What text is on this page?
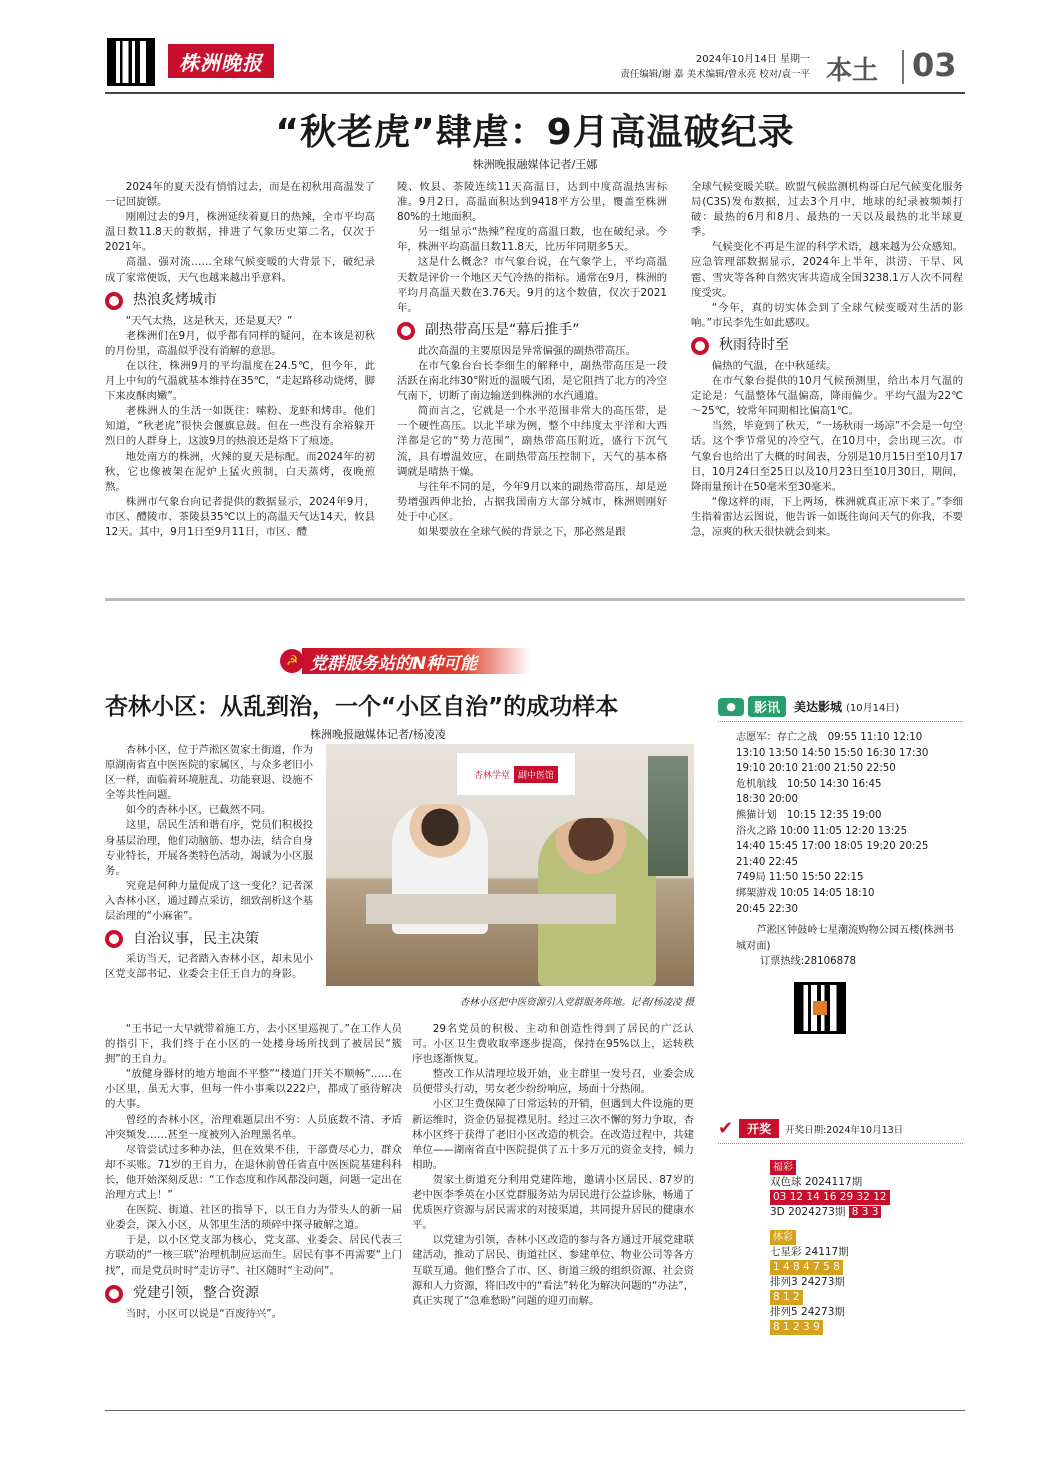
株洲晚报	2024年10月14日 星期一
责任编辑/谢 嘉 美术编辑/曾永亮 校对/袁一平 本土 03
“秋老虎”肆虐：9月高温破纪录
株洲晚报融媒体记者/王娜

2024年的夏天没有悄悄过去，而是在初秋用高温发了一记回旋镖。

刚刚过去的9月，株洲延续着夏日的热辣，全市平均高温日数11.8天的数据，排进了气象历史第二名，仅次于2021年。

高温、强对流……全球气候变暖的大背景下，破纪录成了家常便饭，天气也越来越出乎意料。

热浪炙烤城市

“天气太热，这是秋天，还是夏天？”

老株洲们在9月，似乎都有同样的疑问，在本该是初秋的月份里，高温似乎没有消解的意思。

在以往，株洲9月的平均温度在24.5℃，但今年，此月上中旬的气温就基本维持在35℃，“走起路移动烧烤，脚下来皮酥肉嫩”。

老株洲人的生活一如既往：嗦粉、龙虾和烤串。他们知道，“秋老虎”很快会偃旗息鼓。但在一些没有余裕躲开烈日的人群身上，这波9月的热浪还是烙下了痕迹。

地处南方的株洲，火辣的夏天是标配。而2024年的初秋，它也像被架在泥炉上猛火煎制，白天蒸烤，夜晚煎熬。

株洲市气象台向记者提供的数据显示，2024年9月，市区、醴陵市、茶陵县35℃以上的高温天气达14天，攸县12天。其中，9月1日至9月11日，市区、醴

陵、攸县、茶陵连续11天高温日，达到中度高温热害标准。9月2日，高温面积达到9418平方公里，覆盖至株洲80%的土地面积。

另一组显示“热辣”程度的高温日数，也在破纪录。今年，株洲平均高温日数11.8天，比历年同期多5天。

这是什么概念？市气象台说，在气象学上，平均高温天数是评价一个地区天气冷热的指标。通常在9月，株洲的平均月高温天数在3.76天。9月的这个数值，仅次于2021年。

副热带高压是“幕后推手”

此次高温的主要原因是异常偏强的副热带高压。

在市气象台台长李细生的解释中，副热带高压是一段活跃在南北纬30°附近的温暖气团，是它阻挡了北方的冷空气南下，切断了南边输送到株洲的水汽通道。

简而言之，它就是一个水平范围非常大的高压带，是一个硬性高压。以北半球为例，整个中纬度太平洋和大西洋都是它的“势力范围”，副热带高压附近，盛行下沉气流，具有增温效应，在副热带高压控制下，天气的基本格调就是晴热干燥。

与往年不同的是，今年9月以来的副热带高压，却是逆势增强西伸北抬，占据我国南方大部分城市，株洲则刚好处于中心区。

如果要放在全球气候的背景之下，那必然是跟

全球气候变暖关联。欧盟气候监测机构哥白尼气候变化服务局(C3S)发布数据，过去3个月中，地球的纪录被频频打破：最热的6月和8月、最热的一天以及最热的北半球夏季。

气候变化不再是生涩的科学术语，越来越为公众感知。应急管理部数据显示，2024年上半年，洪涝、干旱、风雹、雪灾等各种自然灾害共造成全国3238.1万人次不同程度受灾。

“今年，真的切实体会到了全球气候变暖对生活的影响。”市民李先生如此感叹。

秋雨待时至

偏热的气温，在中秋延续。

在市气象台提供的10月气候预测里，给出本月气温的定论是：气温整体气温偏高，降雨偏少。平均气温为22℃～25℃，较常年同期相比偏高1℃。

当然，毕竟到了秋天，“一场秋雨一场凉”不会是一句空话。这个季节常见的冷空气，在10月中，会出现三次。市气象台也给出了大概的时间表，分别是10月15日至10月17日，10月24日至25日以及10月23日至10月30日，期间，降雨量预计在50毫米至30毫米。

“像这样的雨，下上两场，株洲就真正凉下来了。”李细生指着雷达云图说，他告诉一如既往询问天气的你我，不要急，凉爽的秋天很快就会到来。

☭ 党群服务站的N种可能
杏林小区：从乱到治，一个“小区自治”的成功样本
株洲晚报融媒体记者/杨凌凌

杏林小区，位于芦淞区贺家土街道，作为原湖南省直中医医院的家属区，与众多老旧小区一样，面临着环境脏乱、功能衰退、设施不全等共性问题。

如今的杏林小区，已截然不同。

这里，居民生活和谐有序，党员们积极投身基层治理，他们动脑筋、想办法，结合自身专业特长，开展各类特色活动，竭诚为小区服务。

究竟是何种力量促成了这一变化？记者深入杏林小区，通过蹲点采访，细致剖析这个基层治理的“小麻雀”。

自治议事，民主决策

采访当天，记者踏入杏林小区，却未见小区党支部书记、业委会主任王自力的身影。

杏林学堂 副中医馆
杏林小区把中医资源引入党群服务阵地。记者/杨凌凌 摄

“王书记一大早就带着施工方，去小区里巡视了。”在工作人员的指引下，我们终于在小区的一处楼身场所找到了被居民“簇拥”的王自力。

“放健身器材的地方地面不平整”“楼道门开关不顺畅”……在小区里，虽无大事，但每一件小事乘以222户，都成了亟待解决的大事。

曾经的杏林小区，治理难题层出不穷：人员底数不清、矛盾冲突频发……甚至一度被列入治理黑名单。

尽管尝试过多种办法，但在效果不佳，干部费尽心力，群众却不买账。71岁的王自力，在退休前曾任省直中医医院基建科科长，他开始深刻反思：“工作态度和作风都没问题，问题一定出在治理方式上！”

在医院、街道、社区的指导下，以王自力为带头人的新一届业委会，深入小区，从邻里生活的琐碎中探寻破解之道。

于是，以小区党支部为核心，党支部、业委会、居民代表三方联动的“一核三联”治理机制应运而生。居民有事不再需要“上门找”，而是党员时时“走访寻”、社区随时“主动问”。

党建引领，整合资源

当时，小区可以说是“百废待兴”。

29名党员的积极、主动和创造性得到了居民的广泛认可。小区卫生费收取率逐步提高，保持在95%以上，运转秩序也逐渐恢复。

整改工作从清理垃圾开始，业主群里一发号召，业委会成员便带头行动，男女老少纷纷响应，场面十分热闹。

小区卫生费保障了日常运转的开销，但遇到大件设施的更新运维时，资金仍显捉襟见肘。经过三次不懈的努力争取，杏林小区终于获得了老旧小区改造的机会。在改造过程中，共建单位——湖南省直中医院提供了五十多万元的资金支持，倾力相助。

贺家土街道充分利用党建阵地，邀请小区居民、87岁的老中医李季英在小区党群服务站为居民进行公益诊脉，畅通了优质医疗资源与居民需求的对接渠道，共同提升居民的健康水平。

以党建为引领，杏林小区改造的参与各方通过开展党建联建活动，推动了居民、街道社区、参建单位、物业公司等各方互联互通。他们整合了市、区、街道三级的组织资源、社会资源和人力资源，将旧改中的“看法”转化为解决问题的“办法”，真正实现了“急难愁盼”问题的迎刃而解。

●	影讯	美达影城 (10月14日)
志愿军：存亡之战　09:55 11:10 12:10
13:10 13:50 14:50 15:50 16:30 17:30
19:10 20:10 21:00 21:50 22:50
危机航线　10:50 14:30 16:45
18:30 20:00
熊猫计划　10:15 12:35 19:00
浴火之路 10:00 11:05 12:20 13:25
14:40 15:45 17:00 18:05 19:20 20:25
21:40 22:45
749局 11:50 15:50 22:15
绑架游戏 10:05 14:05 18:10
20:45 22:30
芦淞区钟鼓岭七星潮流购物公园五楼(株洲书城对面)
订票热线:28106878
✔	开奖	开奖日期:2024年10月13日
福彩
双色球 2024117期
03 12 14 16 29 32 12
3D 2024273期 8 3 3
体彩
七星彩 24117期
1 4 8 4 7 5 8
排列3 24273期
8 1 2
排列5 24273期
8 1 2 3 9
